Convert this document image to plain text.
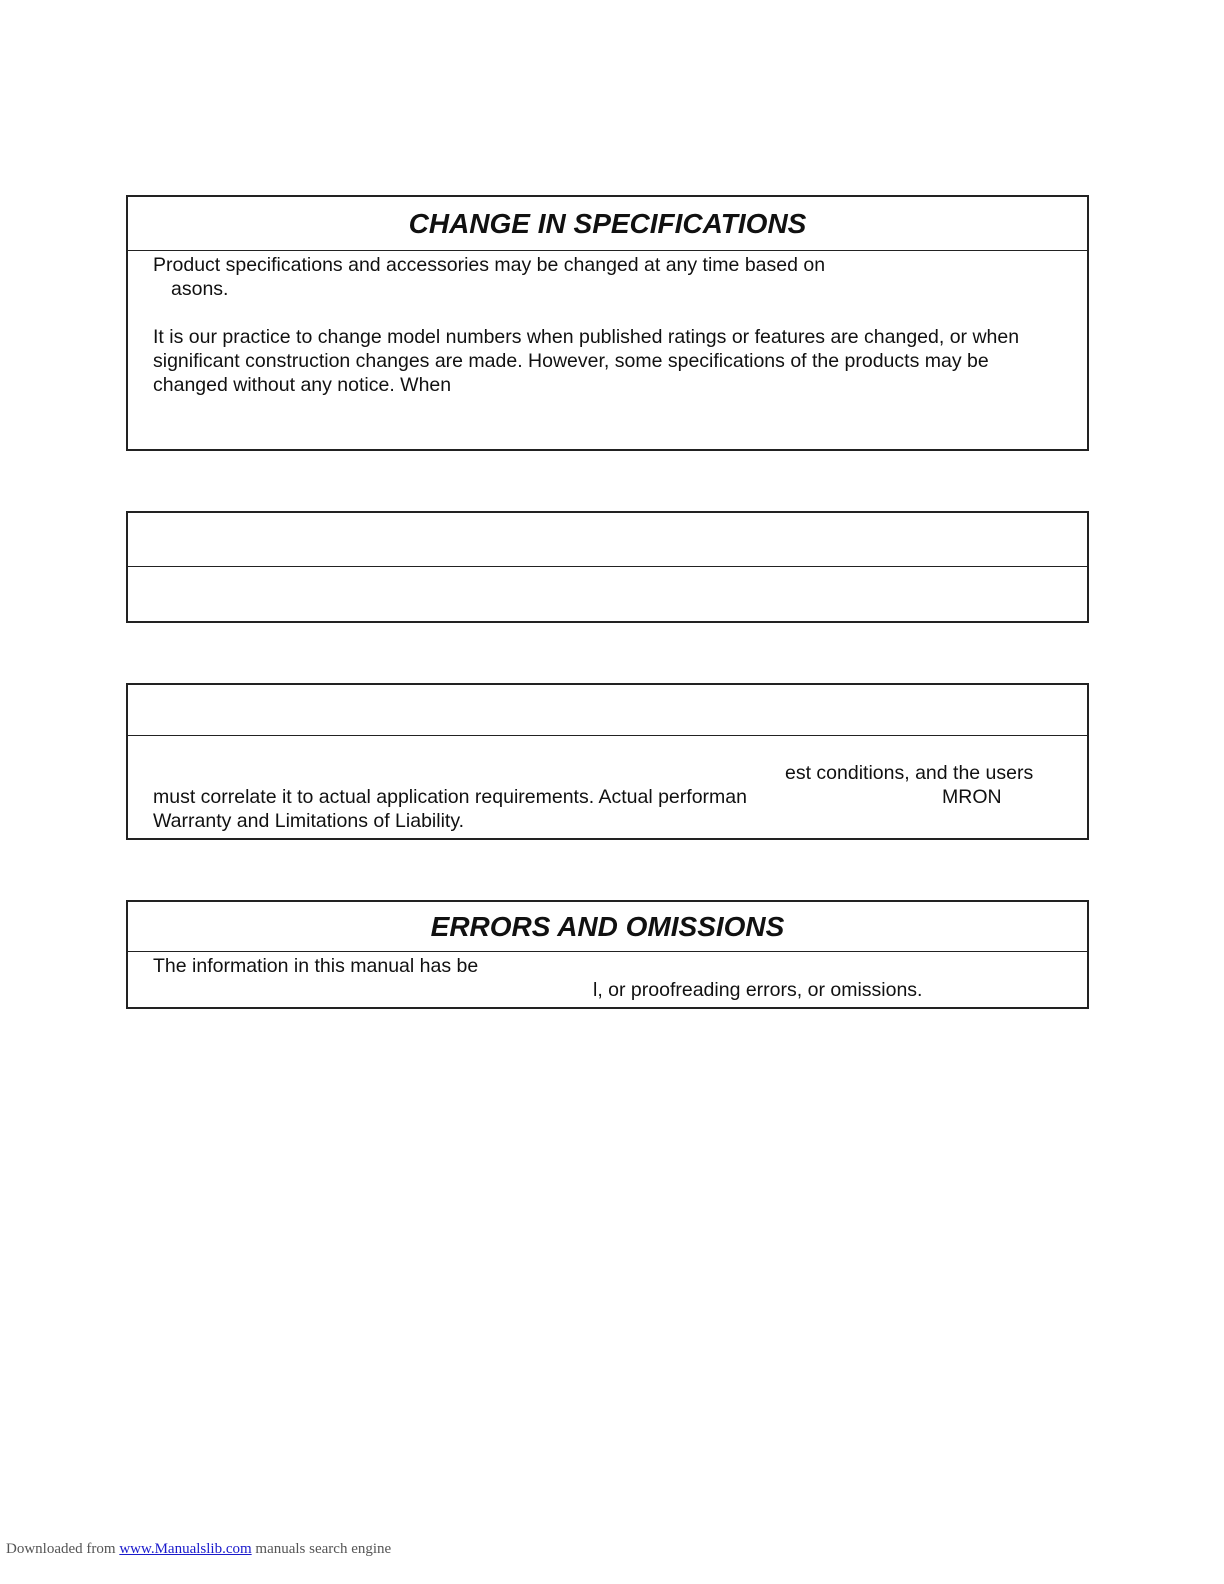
CHANGE IN SPECIFICATIONS
Product specifications and accessories may be changed at any time based on
asons.
It is our practice to change model numbers when published ratings or features are changed, or when
significant construction changes are made. However, some specifications of the products may be
changed without any notice. When
est conditions, and the users
must correlate it to actual application requirements. Actual performan	MRON
Warranty and Limitations of Liability.
ERRORS AND OMISSIONS
The information in this manual has be
l, or proofreading errors, or omissions.
Downloaded from www.Manualslib.com manuals search engine
